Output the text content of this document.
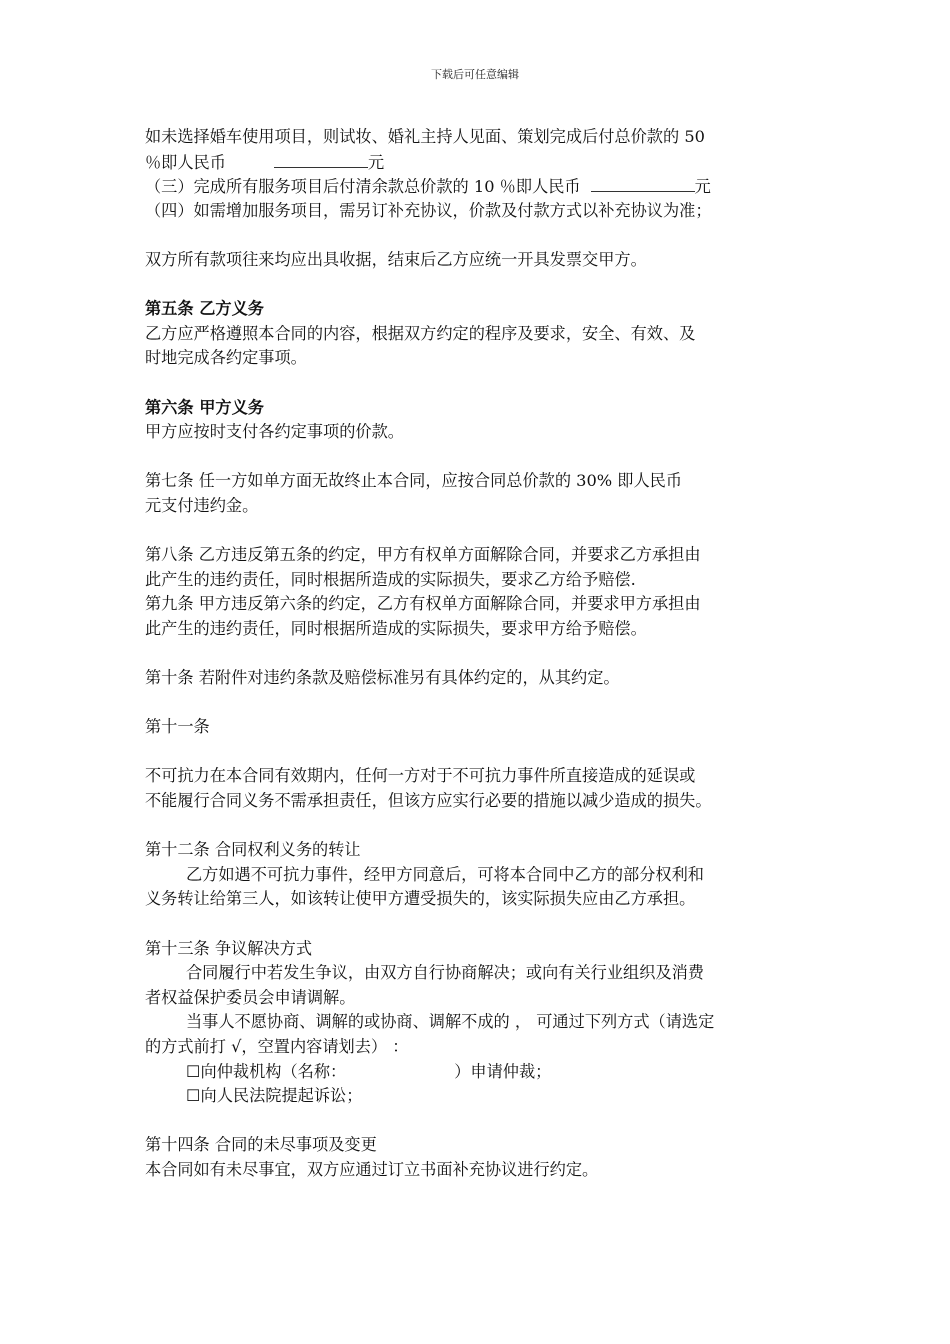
下载后可任意编辑
如未选择婚车使用项目，则试妆、婚礼主持人见面、策划完成后付总价款的 50
％即人民币	元
（三）完成所有服务项目后付清余款总价款的 10 ％即人民币	元
（四）如需增加服务项目，需另订补充协议，价款及付款方式以补充协议为准；
双方所有款项往来均应出具收据，结束后乙方应统一开具发票交甲方。
第五条 乙方义务
乙方应严格遵照本合同的内容，根据双方约定的程序及要求，安全、有效、及
时地完成各约定事项。
第六条 甲方义务
甲方应按时支付各约定事项的价款。
第七条 任一方如单方面无故终止本合同，应按合同总价款的 30% 即人民币
元支付违约金。
第八条 乙方违反第五条的约定，甲方有权单方面解除合同，并要求乙方承担由
此产生的违约责任，同时根据所造成的实际损失，要求乙方给予赔偿.
第九条 甲方违反第六条的约定，乙方有权单方面解除合同，并要求甲方承担由
此产生的违约责任，同时根据所造成的实际损失，要求甲方给予赔偿。
第十条 若附件对违约条款及赔偿标准另有具体约定的，从其约定。
第十一条
不可抗力在本合同有效期内，任何一方对于不可抗力事件所直接造成的延误或
不能履行合同义务不需承担责任，但该方应实行必要的措施以减少造成的损失。
第十二条 合同权利义务的转让
乙方如遇不可抗力事件，经甲方同意后，可将本合同中乙方的部分权利和
义务转让给第三人，如该转让使甲方遭受损失的，该实际损失应由乙方承担。
第十三条 争议解决方式
合同履行中若发生争议，由双方自行协商解决；或向有关行业组织及消费
者权益保护委员会申请调解。
当事人不愿协商、调解的或协商、调解不成的 ， 可通过下列方式（请选定
的方式前打 √，空置内容请划去） ：
☐向仲裁机构（名称：	）申请仲裁；
☐向人民法院提起诉讼；
第十四条 合同的未尽事项及变更
本合同如有未尽事宜，双方应通过订立书面补充协议进行约定。
